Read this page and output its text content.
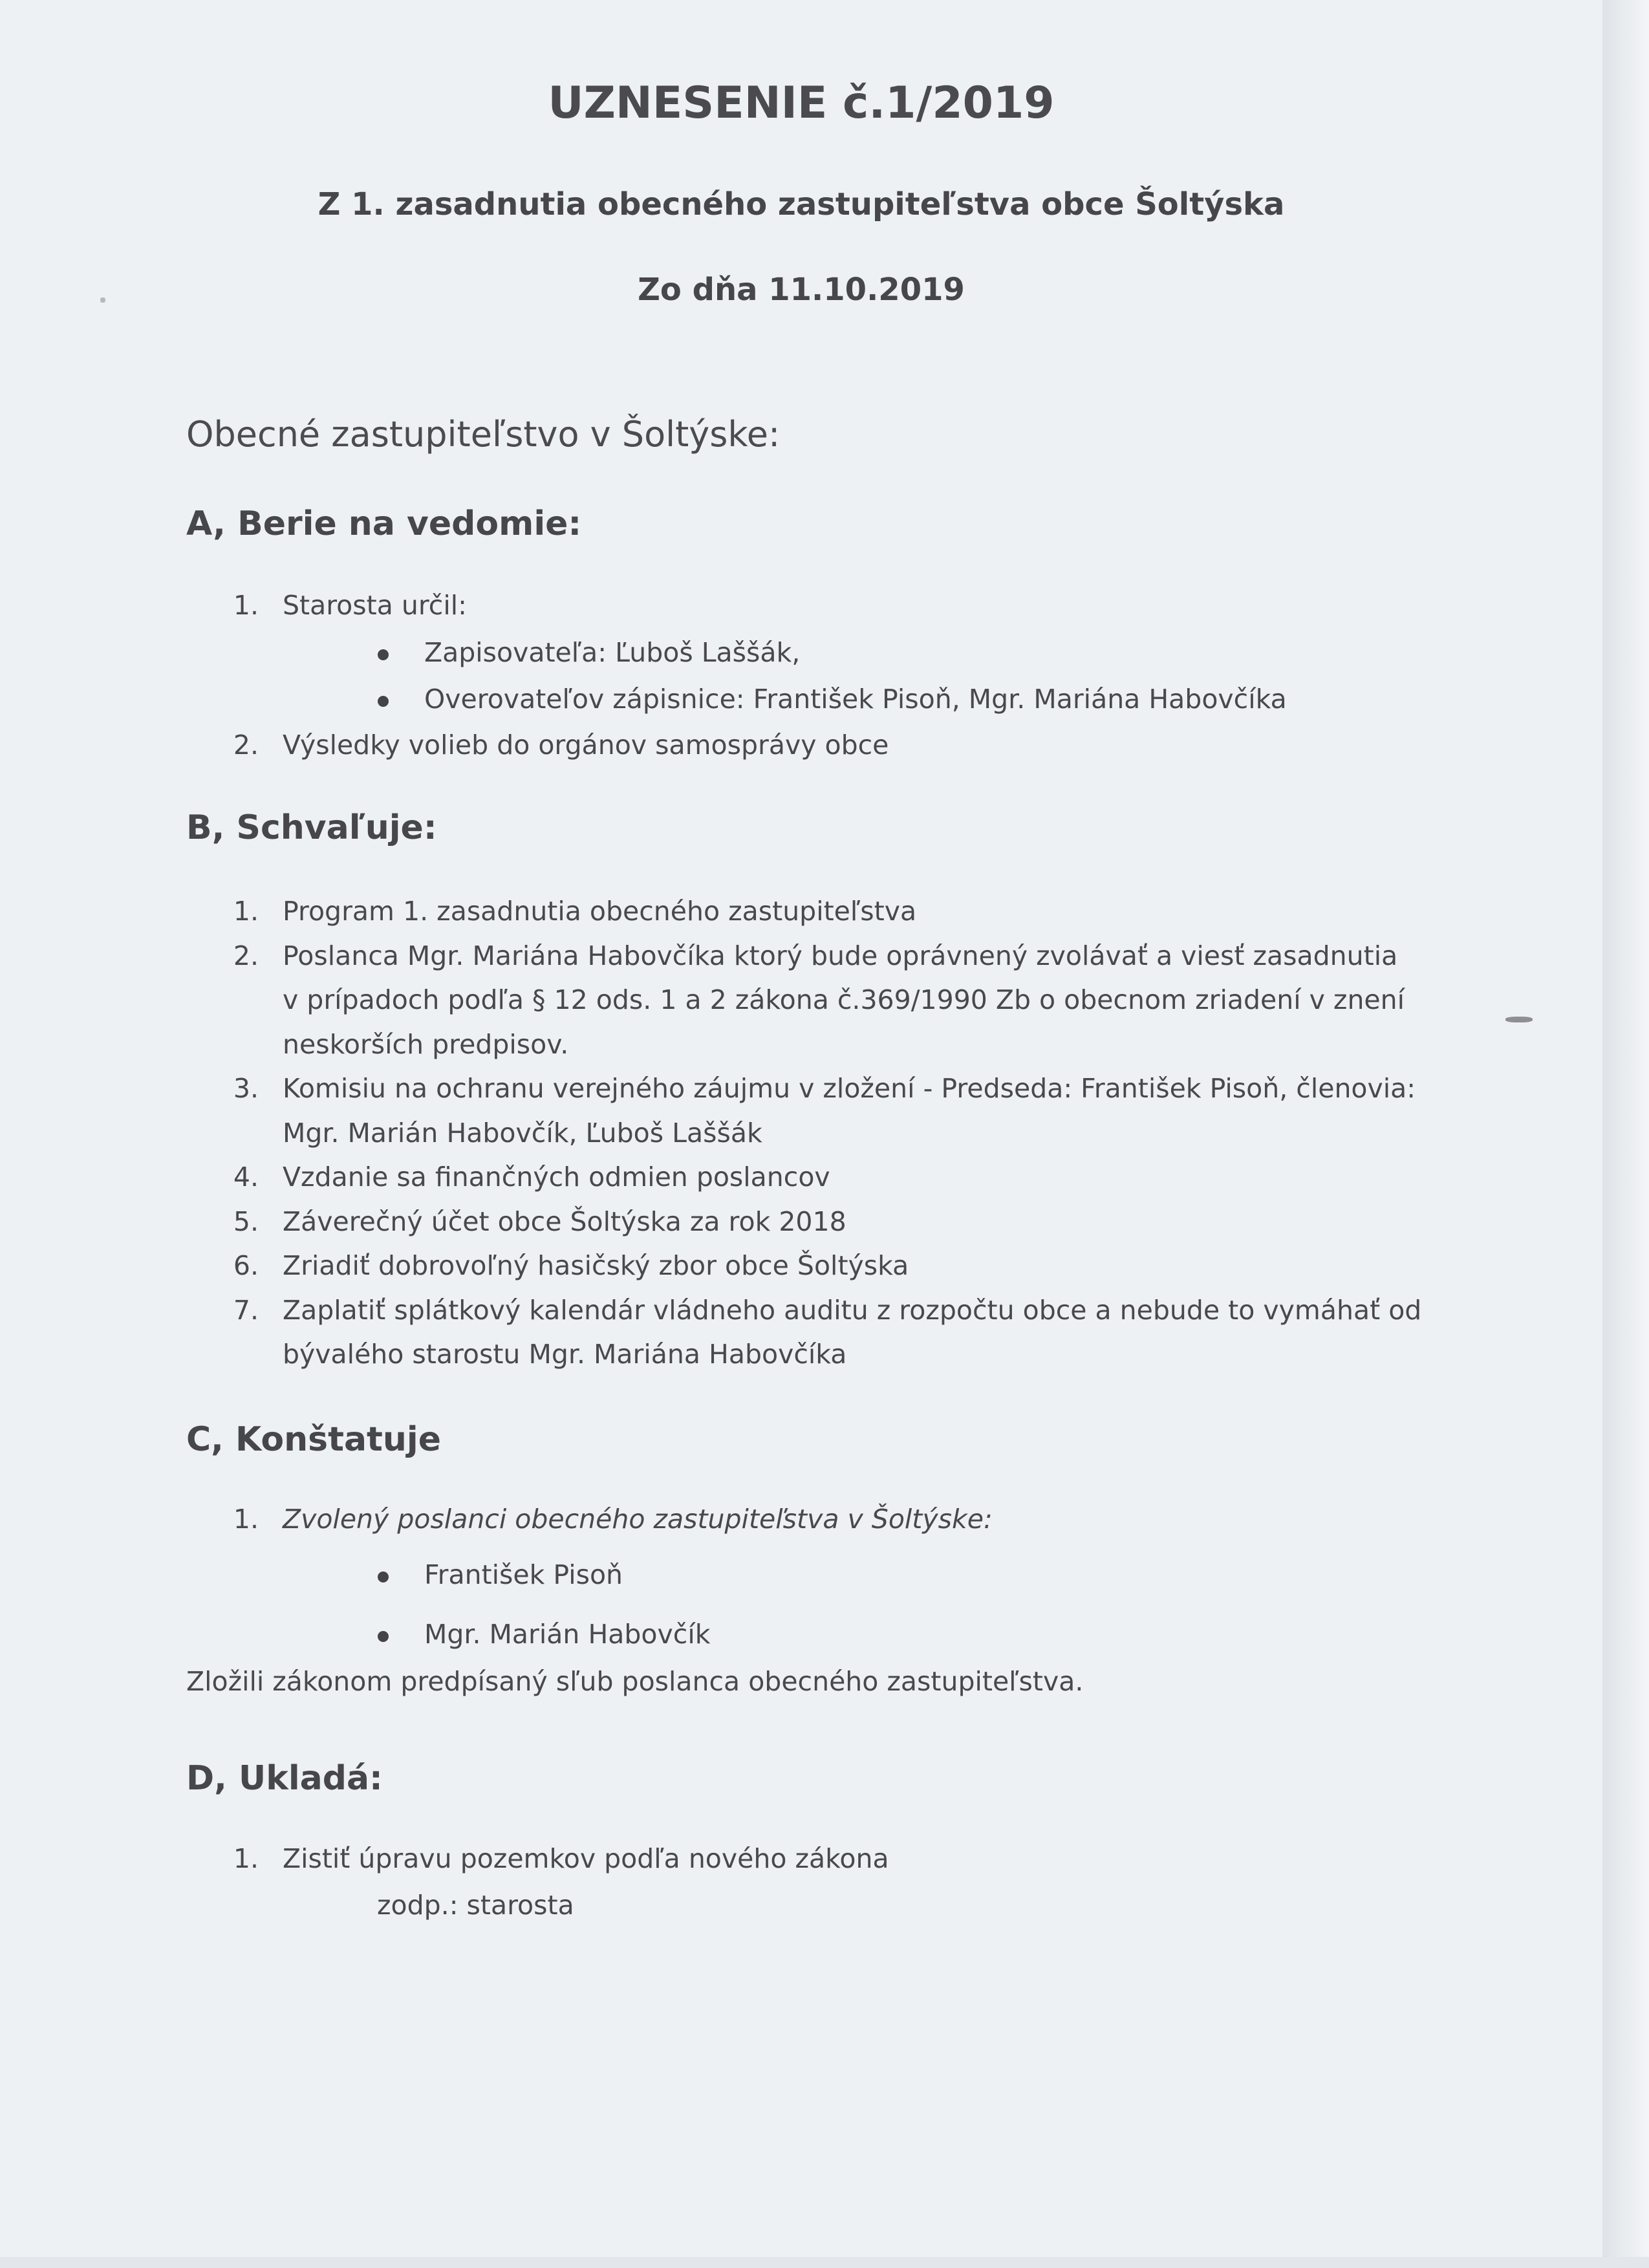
UZNESENIE č.1/2019
Z 1. zasadnutia obecného zastupiteľstva obce Šoltýska
Zo dňa 11.10.2019
Obecné zastupiteľstvo v Šoltýske:
A, Berie na vedomie:
1. Starosta určil:
Zapisovateľa: Ľuboš Laššák,
Overovateľov zápisnice: František Pisoň, Mgr. Mariána Habovčíka
2. Výsledky volieb do orgánov samosprávy obce
B, Schvaľuje:
1. Program 1. zasadnutia obecného zastupiteľstva
2. Poslanca Mgr. Mariána Habovčíka ktorý bude oprávnený zvolávať a viesť zasadnutia
v prípadoch podľa § 12 ods. 1 a 2 zákona č.369/1990 Zb o obecnom zriadení v znení
neskorších predpisov.
3. Komisiu na ochranu verejného záujmu v zložení - Predseda: František Pisoň, členovia:
Mgr. Marián Habovčík, Ľuboš Laššák
4. Vzdanie sa finančných odmien poslancov
5. Záverečný účet obce Šoltýska za rok 2018
6. Zriadiť dobrovoľný hasičský zbor obce Šoltýska
7. Zaplatiť splátkový kalendár vládneho auditu z rozpočtu obce a nebude to vymáhať od
bývalého starostu Mgr. Mariána Habovčíka
C, Konštatuje
1. Zvolený poslanci obecného zastupiteľstva v Šoltýske:
František Pisoň
Mgr. Marián Habovčík
Zložili zákonom predpísaný sľub poslanca obecného zastupiteľstva.
D, Ukladá:
1. Zistiť úpravu pozemkov podľa nového zákona
zodp.: starosta
